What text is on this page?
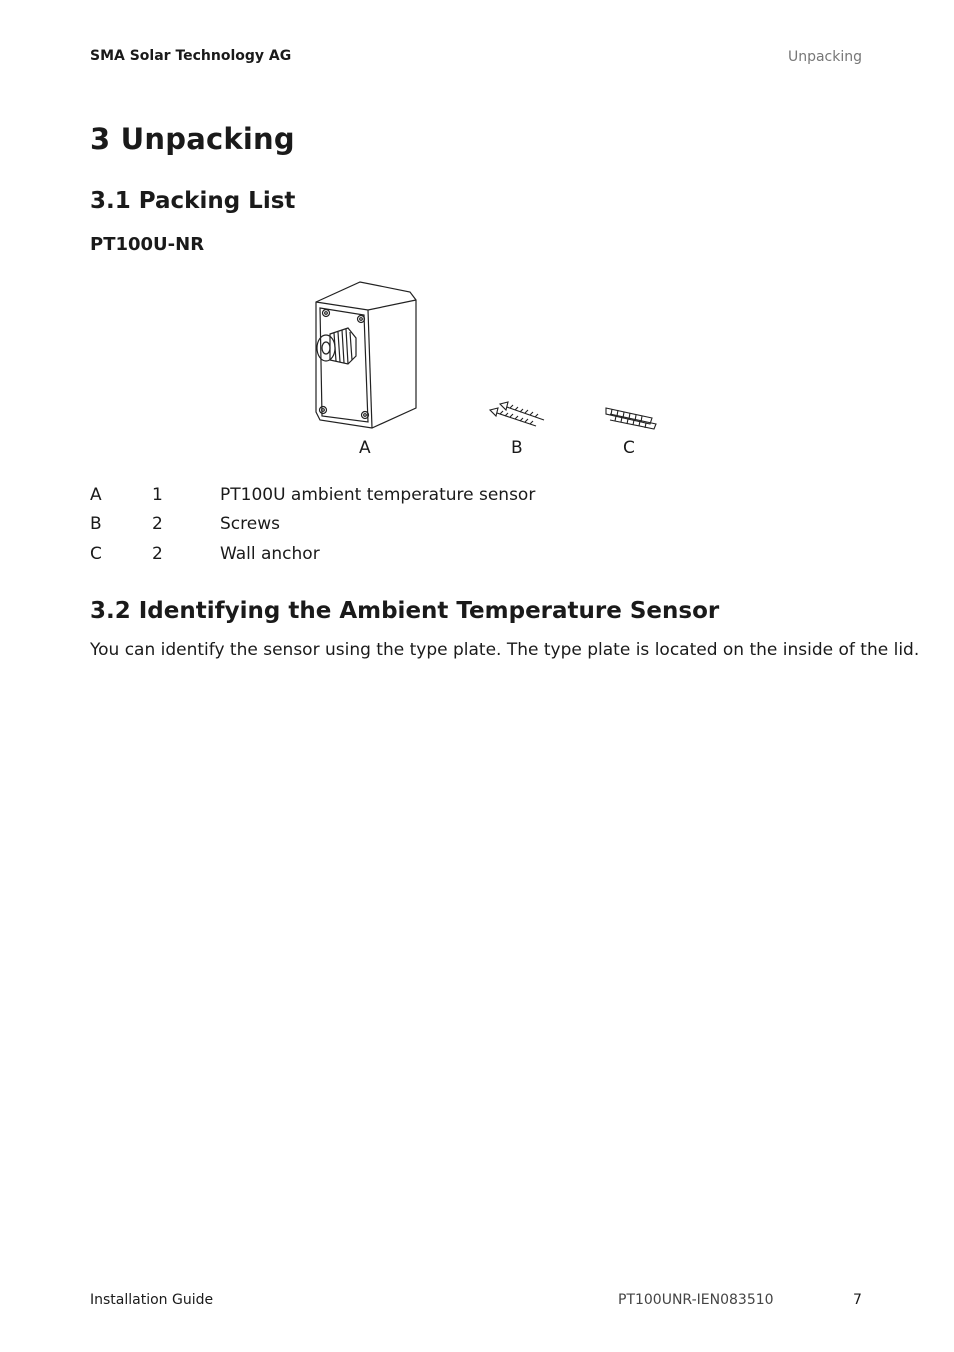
SMA Solar Technology AG	Unpacking
3 Unpacking
3.1 Packing List
PT100U-NR
A	B	C
A	1	PT100U ambient temperature sensor
B	2	Screws
C	2	Wall anchor
3.2 Identifying the Ambient Temperature Sensor
You can identify the sensor using the type plate. The type plate is located on the inside of the lid.
Installation Guide	PT100UNR-IEN083510	7
